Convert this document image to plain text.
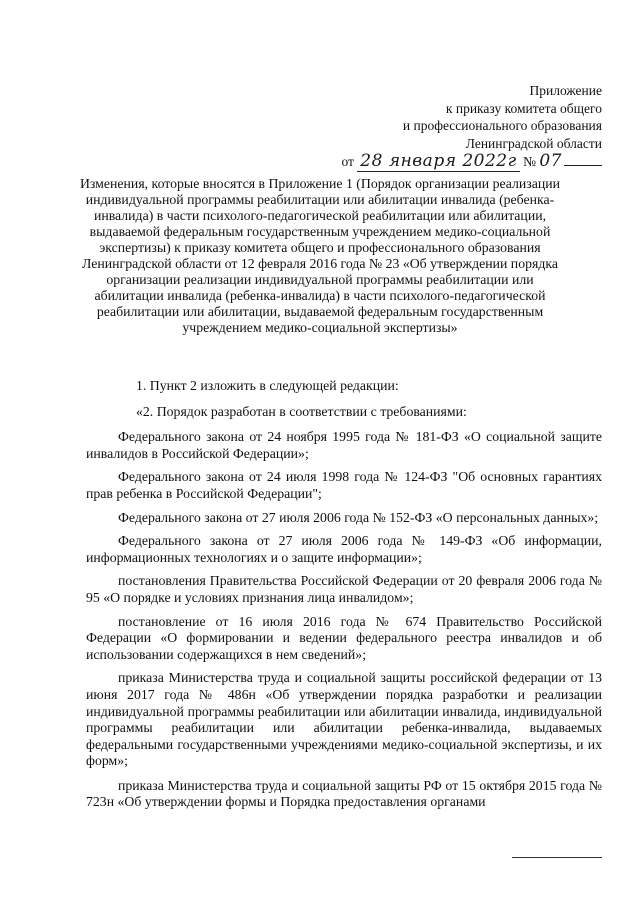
Приложение
к приказу комитета общего
и профессионального образования
Ленинградской области
от 28 января 2022г № 07

Изменения, которые вносятся в Приложение 1 (Порядок организации реализации индивидуальной программы реабилитации или абилитации инвалида (ребенка-инвалида) в части психолого-педагогической реабилитации или абилитации, выдаваемой федеральным государственным учреждением медико-социальной экспертизы) к приказу комитета общего и профессионального образования Ленинградской области от 12 февраля 2016 года № 23 «Об утверждении порядка организации реализации индивидуальной программы реабилитации или абилитации инвалида (ребенка-инвалида) в части психолого-педагогической реабилитации или абилитации, выдаваемой федеральным государственным учреждением медико-социальной экспертизы»

1. Пункт 2 изложить в следующей редакции:

«2. Порядок разработан в соответствии с требованиями:

Федерального закона от 24 ноября 1995 года № 181-ФЗ «О социальной защите инвалидов в Российской Федерации»;

Федерального закона от 24 июля 1998 года № 124-ФЗ "Об основных гарантиях прав ребенка в Российской Федерации";

Федерального закона от 27 июля 2006 года № 152-ФЗ «О персональных данных»;

Федерального закона от 27 июля 2006 года № 149-ФЗ «Об информации, информационных технологиях и о защите информации»;

постановления Правительства Российской Федерации от 20 февраля 2006 года № 95 «О порядке и условиях признания лица инвалидом»;

постановление от 16 июля 2016 года № 674 Правительство Российской Федерации «О формировании и ведении федерального реестра инвалидов и об использовании содержащихся в нем сведений»;

приказа Министерства труда и социальной защиты российской федерации от 13 июня 2017 года № 486н «Об утверждении порядка разработки и реализации индивидуальной программы реабилитации или абилитации инвалида, индивидуальной программы реабилитации или абилитации ребенка-инвалида, выдаваемых федеральными государственными учреждениями медико-социальной экспертизы, и их форм»;

приказа Министерства труда и социальной защиты РФ от 15 октября 2015 года № 723н «Об утверждении формы и Порядка предоставления органами
